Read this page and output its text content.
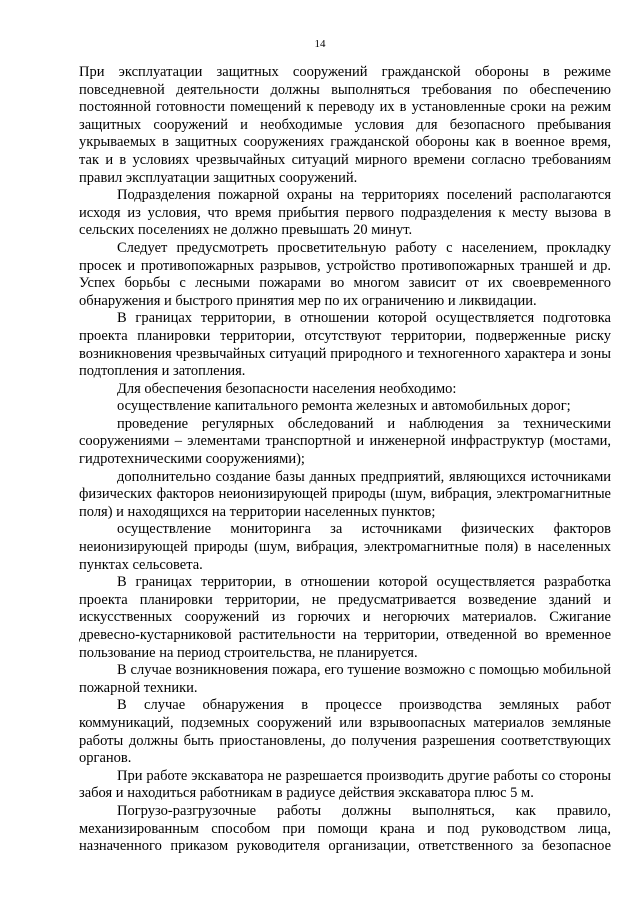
14

При эксплуатации защитных сооружений гражданской обороны в режиме повседневной деятельности должны выполняться требования по обеспечению постоянной готовности помещений к переводу их в установленные сроки на режим защитных сооружений и необходимые условия для безопасного пребывания укрываемых в защитных сооружениях гражданской обороны как в военное время, так и в условиях чрезвычайных ситуаций мирного времени согласно требованиям правил эксплуатации защитных сооружений.

Подразделения пожарной охраны на территориях поселений располагаются исходя из условия, что время прибытия первого подразделения к месту вызова в сельских поселениях не должно превышать 20 минут.

Следует предусмотреть просветительную работу с населением, прокладку просек и противопожарных разрывов, устройство противопожарных траншей и др. Успех борьбы с лесными пожарами во многом зависит от их своевременного обнаружения и быстрого принятия мер по их ограничению и ликвидации.

В границах территории, в отношении которой осуществляется подготовка проекта планировки территории, отсутствуют территории, подверженные риску возникновения чрезвычайных ситуаций природного и техногенного характера и зоны подтопления и затопления.

Для обеспечения безопасности населения необходимо:

осуществление капитального ремонта железных и автомобильных дорог;

проведение регулярных обследований и наблюдения за техническими сооружениями – элементами транспортной и инженерной инфраструктур (мостами, гидротехническими сооружениями);

дополнительно создание базы данных предприятий, являющихся источниками физических факторов неионизирующей природы (шум, вибрация, электромагнитные поля) и находящихся на территории населенных пунктов;

осуществление мониторинга за источниками физических факторов неионизирующей природы (шум, вибрация, электромагнитные поля) в населенных пунктах сельсовета.

В границах территории, в отношении которой осуществляется разработка проекта планировки территории, не предусматривается возведение зданий и искусственных сооружений из горючих и негорючих материалов. Сжигание древесно-кустарниковой растительности на территории, отведенной во временное пользование на период строительства, не планируется.

В случае возникновения пожара, его тушение возможно с помощью мобильной пожарной техники.

В случае обнаружения в процессе производства земляных работ коммуникаций, подземных сооружений или взрывоопасных материалов земляные работы должны быть приостановлены, до получения разрешения соответствующих органов.

При работе экскаватора не разрешается производить другие работы со стороны забоя и находиться работникам в радиусе действия экскаватора плюс 5 м.

Погрузо-разгрузочные работы должны выполняться, как правило, механизированным способом при помощи крана и под руководством лица, назначенного приказом руководителя организации, ответственного за безопасное
